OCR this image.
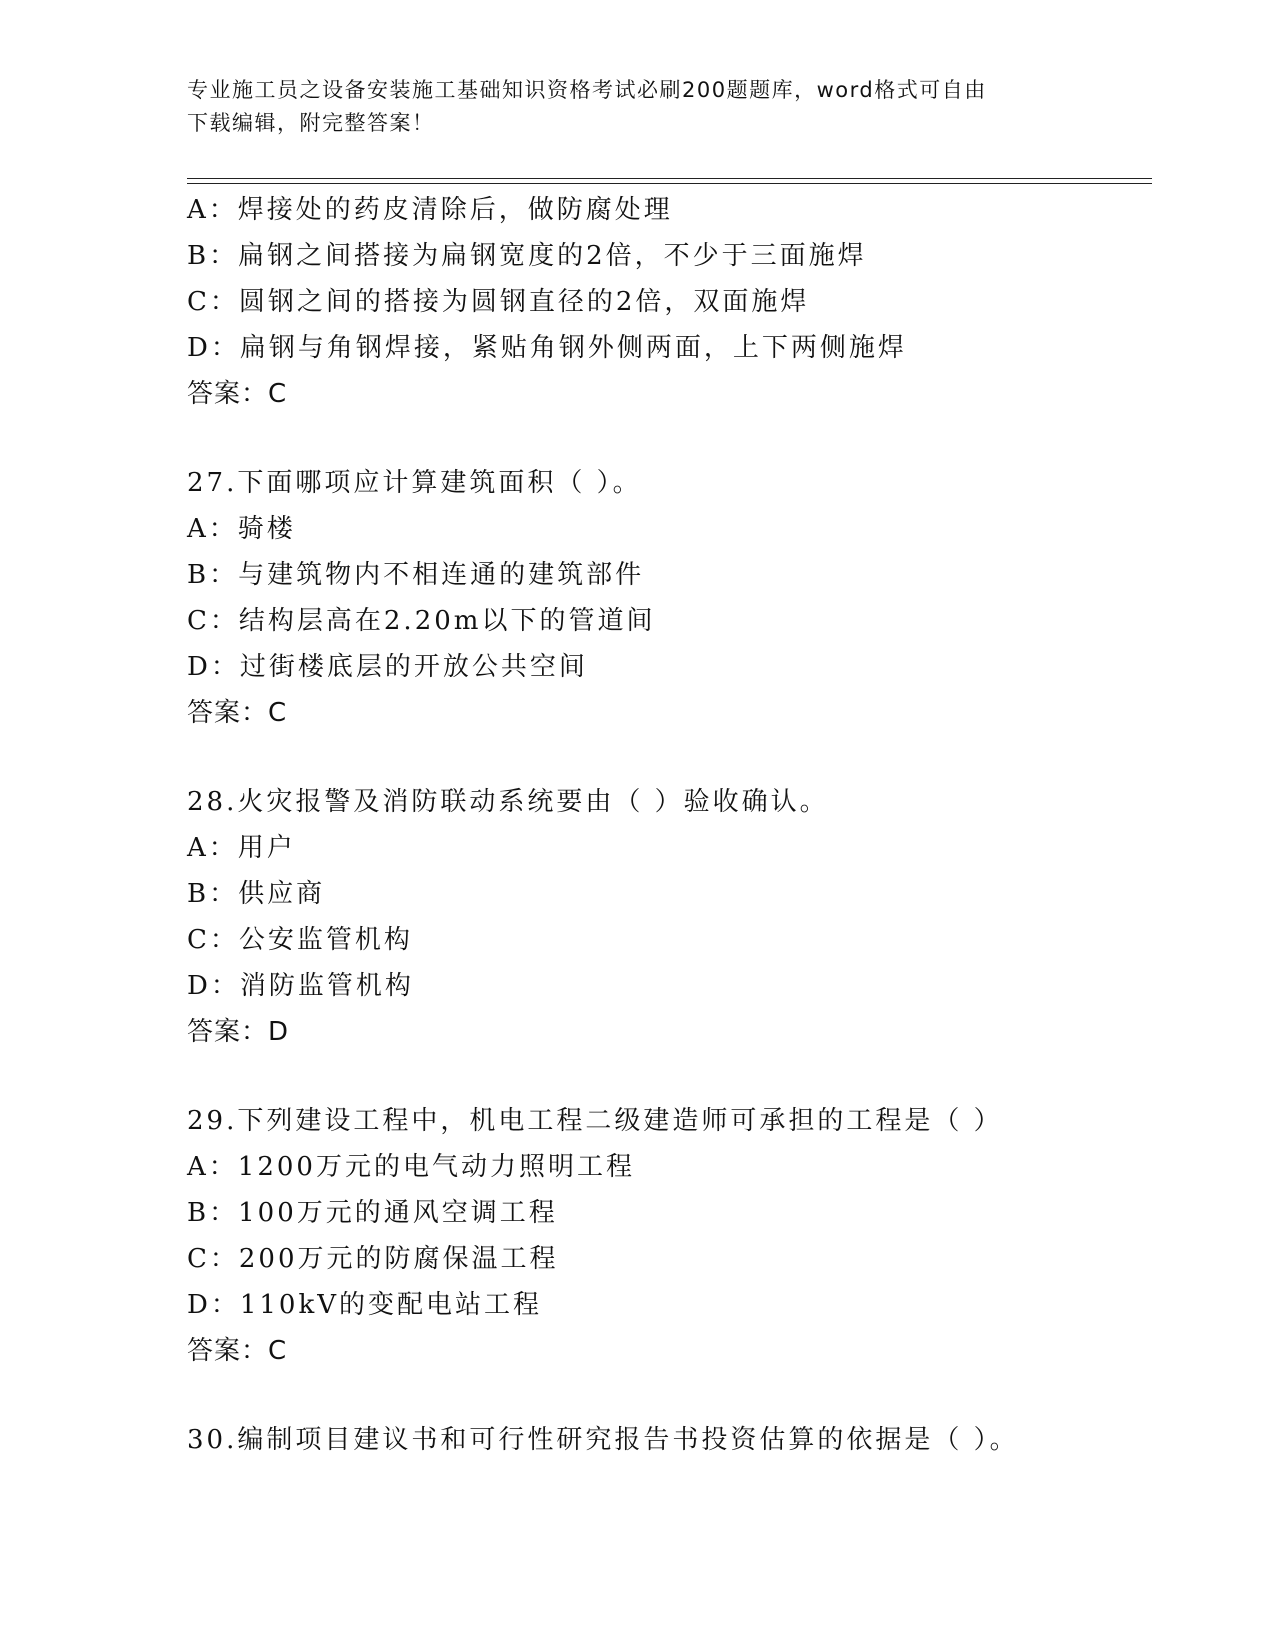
专业施工员之设备安装施工基础知识资格考试必刷200题题库，word格式可自由
下载编辑，附完整答案！
A：焊接处的药皮清除后，做防腐处理
B：扁钢之间搭接为扁钢宽度的2倍，不少于三面施焊
C：圆钢之间的搭接为圆钢直径的2倍，双面施焊
D：扁钢与角钢焊接，紧贴角钢外侧两面，上下两侧施焊
答案：C
27.下面哪项应计算建筑面积（ ）。
A：骑楼
B：与建筑物内不相连通的建筑部件
C：结构层高在2.20m以下的管道间
D：过街楼底层的开放公共空间
答案：C
28.火灾报警及消防联动系统要由（ ）验收确认。
A：用户
B：供应商
C：公安监管机构
D：消防监管机构
答案：D
29.下列建设工程中，机电工程二级建造师可承担的工程是（ ）
A：1200万元的电气动力照明工程
B：100万元的通风空调工程
C：200万元的防腐保温工程
D：110kV的变配电站工程
答案：C
30.编制项目建议书和可行性研究报告书投资估算的依据是（ ）。
